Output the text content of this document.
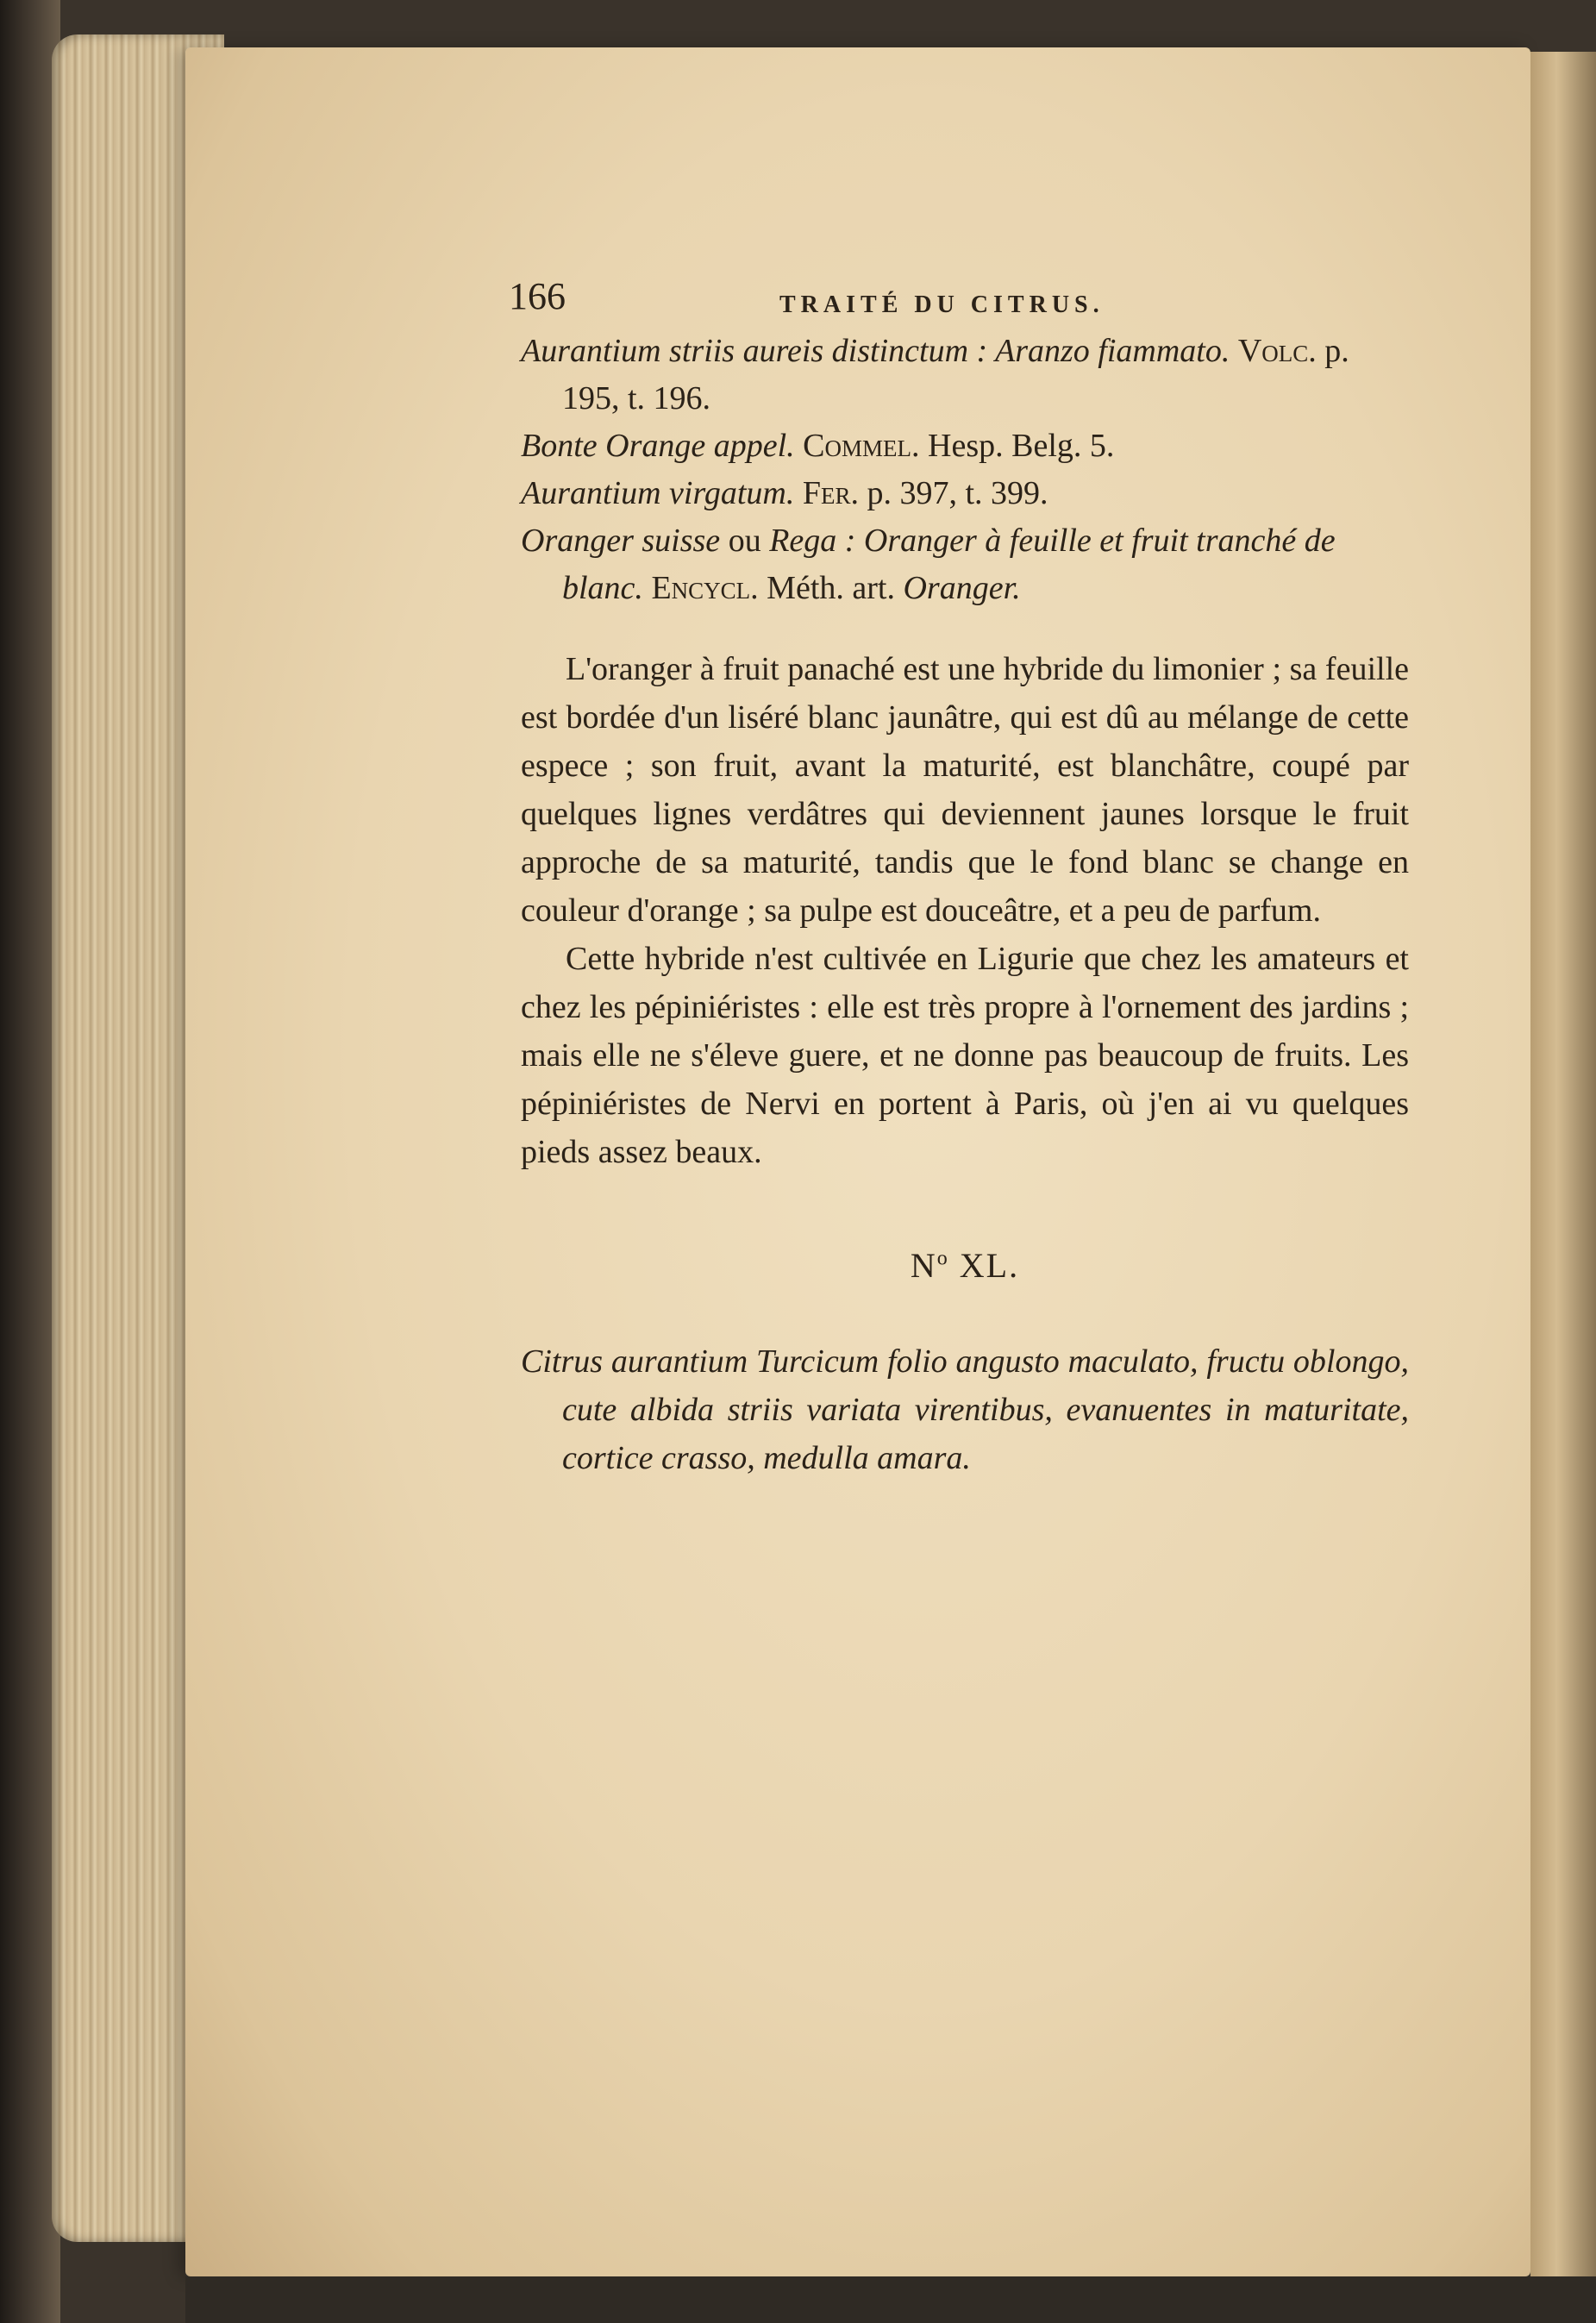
166	TRAITÉ DU CITRUS.

Aurantium striis aureis distinctum : Aranzo fiammato. Volc. p. 195, t. 196.

Bonte Orange appel. Commel. Hesp. Belg. 5.

Aurantium virgatum. Fer. p. 397, t. 399.

Oranger suisse ou Rega : Oranger à feuille et fruit tranché de blanc. Encycl. Méth. art. Oranger.

L'oranger à fruit panaché est une hybride du limonier ; sa feuille est bordée d'un liséré blanc jaunâtre, qui est dû au mélange de cette espece ; son fruit, avant la maturité, est blanchâtre, coupé par quelques lignes verdâtres qui deviennent jaunes lorsque le fruit approche de sa maturité, tandis que le fond blanc se change en couleur d'orange ; sa pulpe est douceâtre, et a peu de parfum.

Cette hybride n'est cultivée en Ligurie que chez les amateurs et chez les pépiniéristes : elle est très propre à l'ornement des jardins ; mais elle ne s'éleve guere, et ne donne pas beaucoup de fruits. Les pépiniéristes de Nervi en portent à Paris, où j'en ai vu quelques pieds assez beaux.

$N^o$ XL.

Citrus aurantium Turcicum folio angusto maculato, fructu oblongo, cute albida striis variata virentibus, evanuentes in maturitate, cortice crasso, medulla amara.
